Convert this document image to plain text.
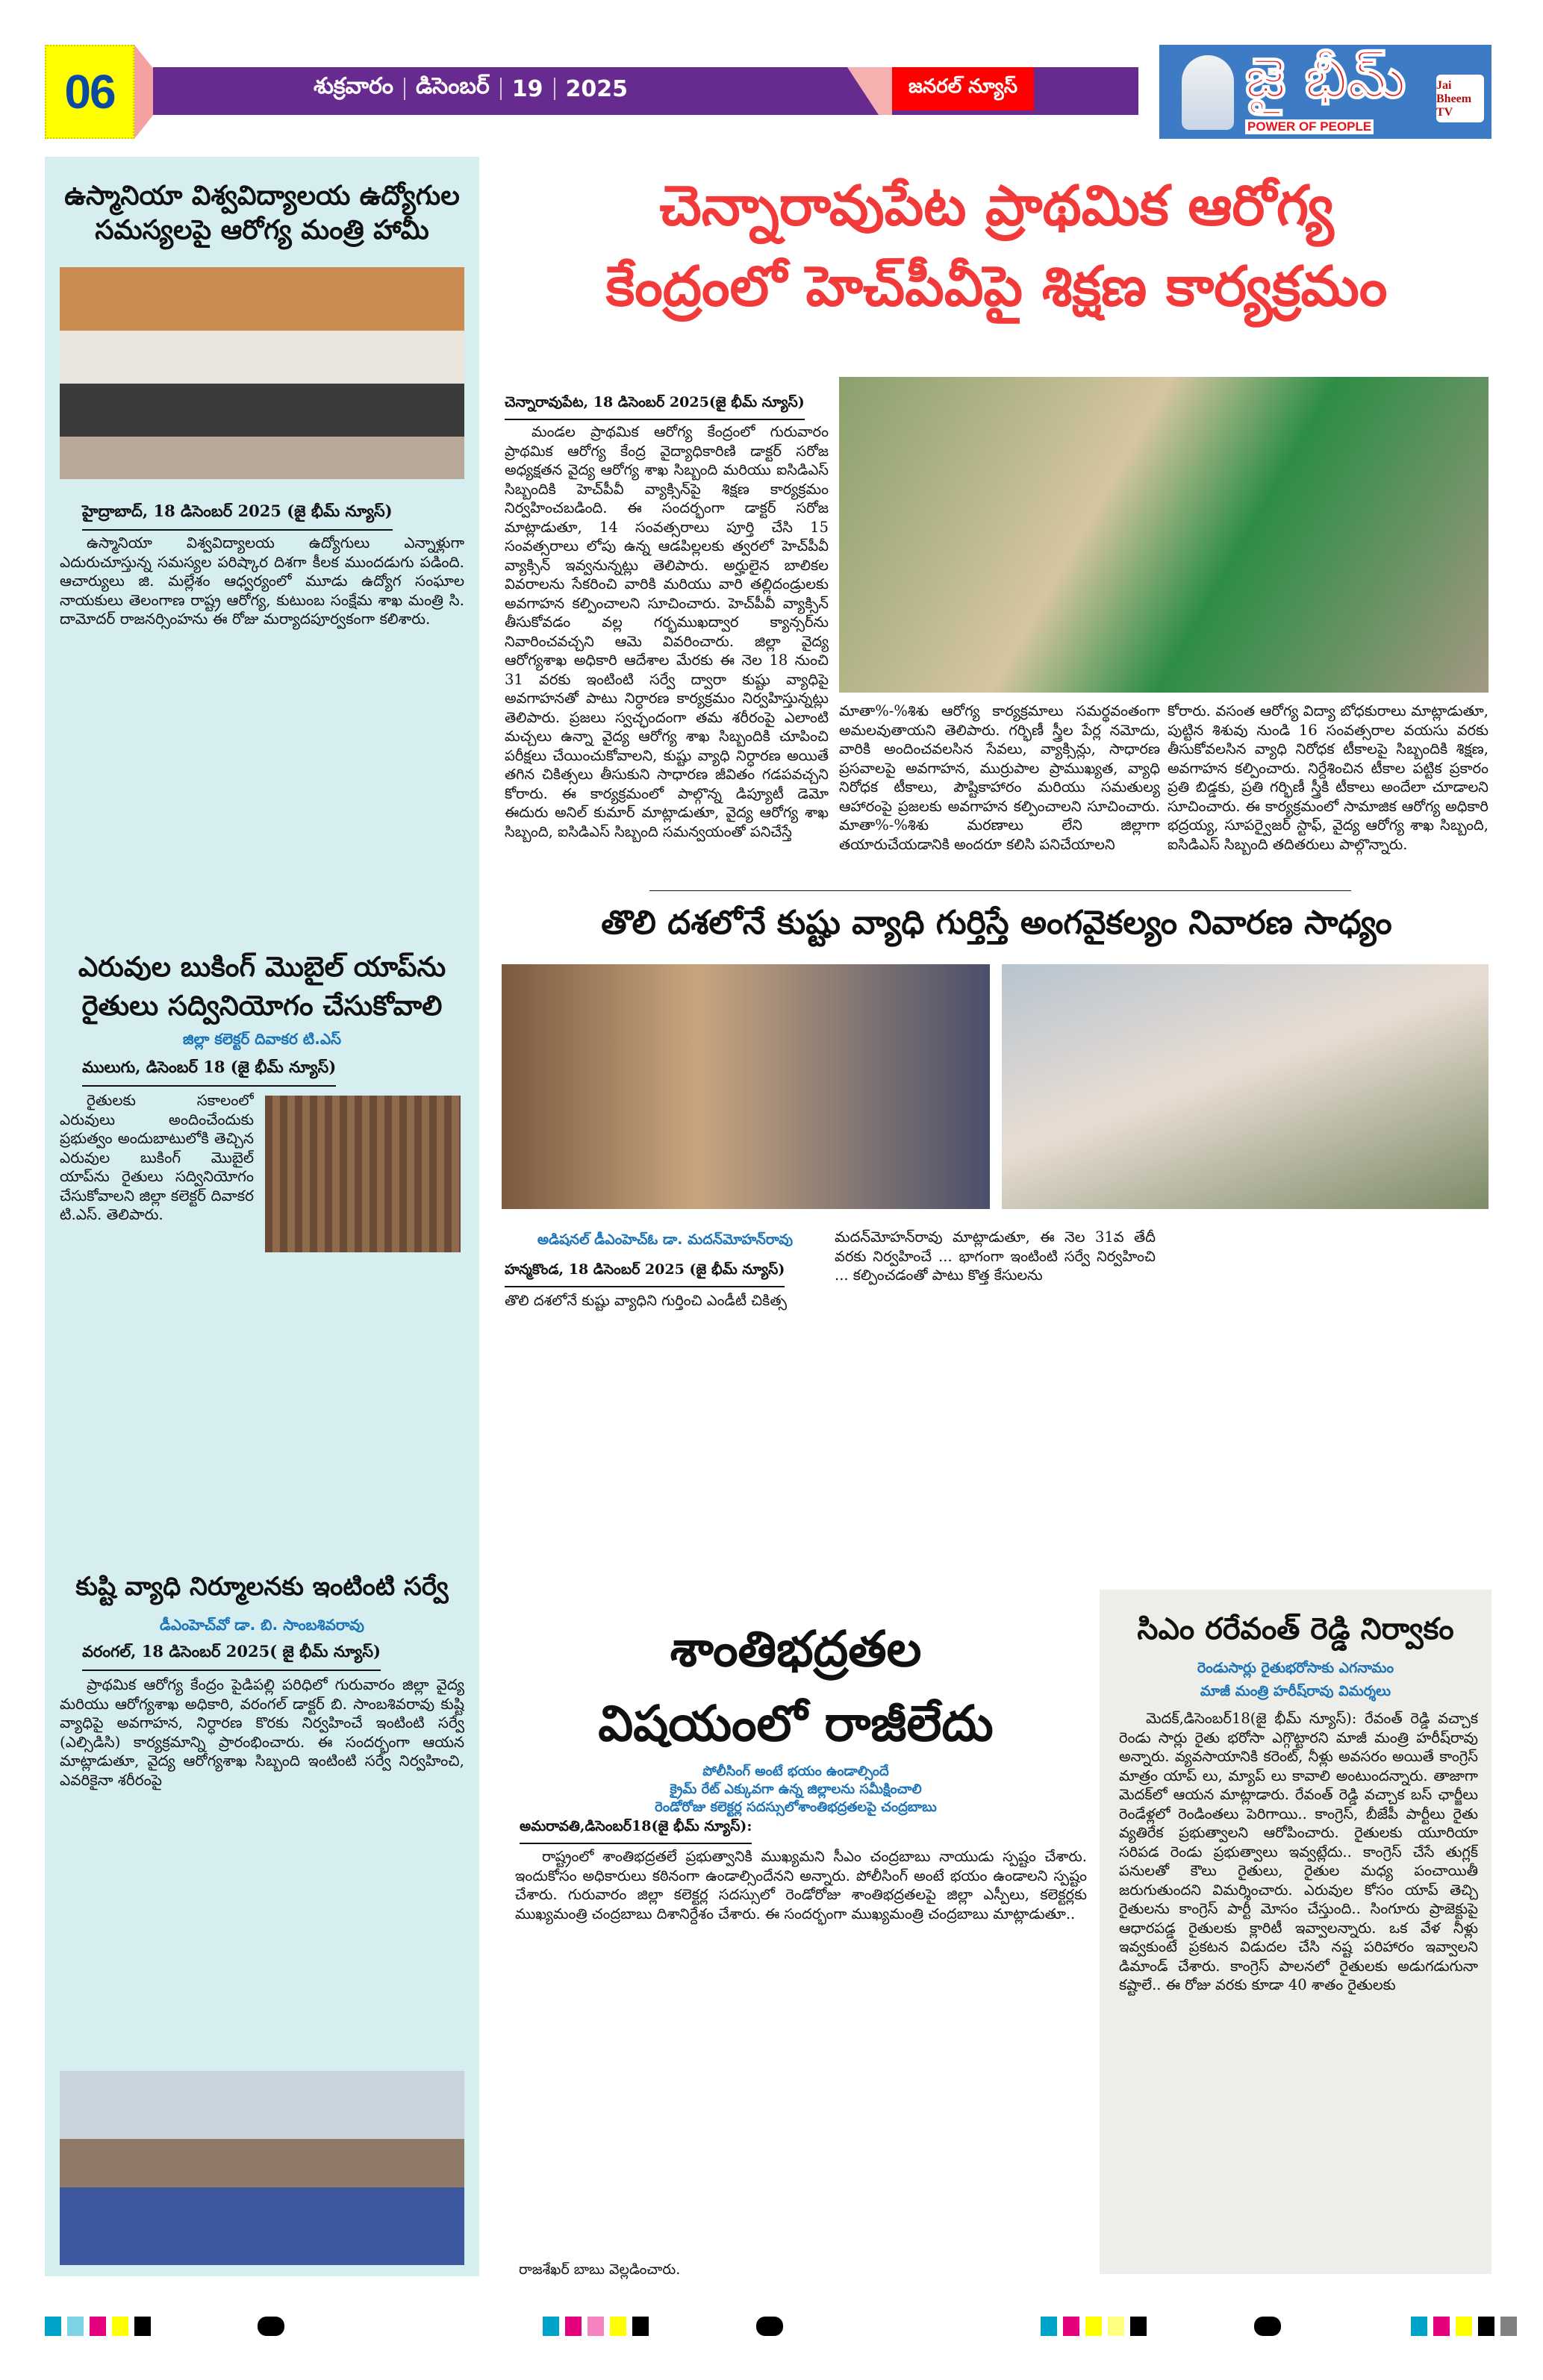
06	శుక్రవారం డిసెంబర్ 19 2025	జనరల్ న్యూస్	జై భీమ్
POWER OF PEOPLE
Jai Bheem TV
ఉస్మానియా విశ్వవిద్యాలయ ఉద్యోగుల సమస్యలపై ఆరోగ్య మంత్రి హామీ
హైద్రాబాద్, 18 డిసెంబర్ 2025 (జై భీమ్ న్యూస్)
ఉస్మానియా విశ్వవిద్యాలయ ఉద్యోగులు ఎన్నాళ్లుగా ఎదురుచూస్తున్న సమస్యల పరిష్కార దిశగా కీలక ముందడుగు పడింది. ఆచార్యులు జి. మల్లేశం ఆధ్వర్యంలో మూడు ఉద్యోగ సంఘాల నాయకులు తెలంగాణ రాష్ట్ర ఆరోగ్య, కుటుంబ సంక్షేమ శాఖ మంత్రి సి. దామోదర్ రాజనర్సింహను ఈ రోజు మర్యాదపూర్వకంగా కలిశారు.
ఎరువుల బుకింగ్ మొబైల్ యాప్‌ను రైతులు సద్వినియోగం చేసుకోవాలి
జిల్లా కలెక్టర్ దివాకర టి.ఎస్
ములుగు, డిసెంబర్ 18 (జై భీమ్ న్యూస్)
రైతులకు సకాలంలో ఎరువులు అందించేందుకు ప్రభుత్వం అందుబాటులోకి తెచ్చిన ఎరువుల బుకింగ్ మొబైల్ యాప్‌ను రైతులు సద్వినియోగం చేసుకోవాలని జిల్లా కలెక్టర్ దివాకర టి.ఎస్. తెలిపారు.
కుష్టి వ్యాధి నిర్మూలనకు ఇంటింటి సర్వే
డీఎంహెచ్‌వో డా. బి. సాంబశివరావు
వరంగల్, 18 డిసెంబర్ 2025( జై భీమ్ న్యూస్)
ప్రాథమిక ఆరోగ్య కేంద్రం పైడిపల్లి పరిధిలో గురువారం జిల్లా వైద్య మరియు ఆరోగ్యశాఖ అధికారి, వరంగల్ డాక్టర్ బి. సాంబశివరావు కుష్టి వ్యాధిపై అవగాహన, నిర్ధారణ కొరకు నిర్వహించే ఇంటింటి సర్వే (ఎల్సిడిసి) కార్యక్రమాన్ని ప్రారంభించారు. ఈ సందర్భంగా ఆయన మాట్లాడుతూ, వైద్య ఆరోగ్యశాఖ సిబ్బంది ఇంటింటి సర్వే నిర్వహించి, ఎవరికైనా శరీరంపై
చెన్నారావుపేట ప్రాథమిక ఆరోగ్య
కేంద్రంలో హెచ్‌పీవీపై శిక్షణ కార్యక్రమం
చెన్నారావుపేట, 18 డిసెంబర్ 2025(జై భీమ్ న్యూస్)
మండల ప్రాథమిక ఆరోగ్య కేంద్రంలో గురువారం ప్రాథమిక ఆరోగ్య కేంద్ర వైద్యాధికారిణి డాక్టర్ సరోజ అధ్యక్షతన వైద్య ఆరోగ్య శాఖ సిబ్బంది మరియు ఐసిడిఎస్ సిబ్బందికి హెచ్‌పీవీ వ్యాక్సిన్‌పై శిక్షణ కార్యక్రమం నిర్వహించబడింది. ఈ సందర్భంగా డాక్టర్ సరోజ మాట్లాడుతూ, 14 సంవత్సరాలు పూర్తి చేసి 15 సంవత్సరాలు లోపు ఉన్న ఆడపిల్లలకు త్వరలో హెచ్‌పీవీ వ్యాక్సిన్ ఇవ్వనున్నట్లు తెలిపారు. అర్హులైన బాలికల వివరాలను సేకరించి వారికి మరియు వారి తల్లిదండ్రులకు అవగాహన కల్పించాలని సూచించారు. హెచ్‌పీవీ వ్యాక్సిన్ తీసుకోవడం వల్ల గర్భముఖద్వార క్యాన్సర్‌ను నివారించవచ్చని ఆమె వివరించారు. జిల్లా వైద్య ఆరోగ్యశాఖ అధికారి ఆదేశాల మేరకు ఈ నెల 18 నుంచి 31 వరకు ఇంటింటి సర్వే ద్వారా కుష్టు వ్యాధిపై అవగాహనతో పాటు నిర్ధారణ కార్యక్రమం నిర్వహిస్తున్నట్లు తెలిపారు. ప్రజలు స్వచ్ఛందంగా తమ శరీరంపై ఎలాంటి మచ్చలు ఉన్నా వైద్య ఆరోగ్య శాఖ సిబ్బందికి చూపించి పరీక్షలు చేయించుకోవాలని, కుష్టు వ్యాధి నిర్ధారణ అయితే తగిన చికిత్సలు తీసుకుని సాధారణ జీవితం గడపవచ్చని కోరారు. ఈ కార్యక్రమంలో పాల్గొన్న డిప్యూటీ డెమో ఈదురు అనిల్ కుమార్ మాట్లాడుతూ, వైద్య ఆరోగ్య శాఖ సిబ్బంది, ఐసిడిఎస్ సిబ్బంది సమన్వయంతో పనిచేస్తే
మాతా%-%శిశు ఆరోగ్య కార్యక్రమాలు సమర్థవంతంగా అమలవుతాయని తెలిపారు. గర్భిణీ స్త్రీల పేర్ల నమోదు, వారికి అందించవలసిన సేవలు, వ్యాక్సిన్లు, సాధారణ ప్రసవాలపై అవగాహన, ముర్రుపాల ప్రాముఖ్యత, వ్యాధి నిరోధక టీకాలు, పౌష్టికాహారం మరియు సమతుల్య ఆహారంపై ప్రజలకు అవగాహన కల్పించాలని సూచించారు. మాతా%-%శిశు మరణాలు లేని జిల్లాగా తయారుచేయడానికి అందరూ కలిసి పనిచేయాలని
కోరారు. వసంత ఆరోగ్య విద్యా బోధకురాలు మాట్లాడుతూ, పుట్టిన శిశువు నుండి 16 సంవత్సరాల వయసు వరకు తీసుకోవలసిన వ్యాధి నిరోధక టీకాలపై సిబ్బందికి శిక్షణ, అవగాహన కల్పించారు. నిర్దేశించిన టీకాల పట్టిక ప్రకారం ప్రతి బిడ్డకు, ప్రతి గర్భిణీ స్త్రీకి టీకాలు అందేలా చూడాలని సూచించారు. ఈ కార్యక్రమంలో సామాజిక ఆరోగ్య అధికారి భద్రయ్య, సూపర్వైజర్ స్టాఫ్, వైద్య ఆరోగ్య శాఖ సిబ్బంది, ఐసిడిఎస్ సిబ్బంది తదితరులు పాల్గొన్నారు.
తొలి దశలోనే కుష్టు వ్యాధి గుర్తిస్తే అంగవైకల్యం నివారణ సాధ్యం
అడిషనల్ డీఎంహెచ్ఓ డా. మదన్‌మోహన్‌రావు
హన్మకొండ, 18 డిసెంబర్ 2025 (జై భీమ్ న్యూస్)
తొలి దశలోనే కుష్టు వ్యాధిని గుర్తించి ఎండీటీ చికిత్స
మదన్‌మోహన్‌రావు మాట్లాడుతూ, ఈ నెల 31వ తేదీ వరకు నిర్వహించే ... భాగంగా ఇంటింటి సర్వే నిర్వహించి ... కల్పించడంతో పాటు కొత్త కేసులను
శాంతిభద్రతల
విషయంలో రాజీలేదు
పోలీసింగ్ అంటే భయం ఉండాల్సిందే
క్రైమ్ రేట్ ఎక్కువగా ఉన్న జిల్లాలను సమీక్షించాలి
రెండోరోజు కలెక్టర్ల సదస్సులోశాంతిభద్రతలపై చంద్రబాబు
అమరావతి,డిసెంబర్18(జై భీమ్ న్యూస్):
రాష్ట్రంలో శాంతిభద్రతలే ప్రభుత్వానికి ముఖ్యమని సీఎం చంద్రబాబు నాయుడు స్పష్టం చేశారు. ఇందుకోసం అధికారులు కఠినంగా ఉండాల్సిందేనని అన్నారు. పోలీసింగ్ అంటే భయం ఉండాలని స్పష్టం చేశారు. గురువారం జిల్లా కలెక్టర్ల సదస్సులో రెండోరోజు శాంతిభద్రతలపై జిల్లా ఎస్పీలు, కలెక్టర్లకు ముఖ్యమంత్రి చంద్రబాబు దిశానిర్దేశం చేశారు. ఈ సందర్భంగా ముఖ్యమంత్రి చంద్రబాబు మాట్లాడుతూ..
రాజశేఖర్ బాబు వెల్లడించారు.
సిఎం రరేవంత్ రెడ్డి నిర్వాకం
రెండుసార్లు రైతుభరోసాకు ఎగనామం
మాజీ మంత్రి హరీష్‌రావు విమర్శలు
మెదక్,డిసెంబర్18(జై భీమ్ న్యూస్): రేవంత్ రెడ్డి వచ్చాక రెండు సార్లు రైతు భరోసా ఎగ్గొట్టారని మాజీ మంత్రి హరీష్‌రావు అన్నారు. వ్యవసాయానికి కరెంట్, నీళ్లు అవసరం అయితే కాంగ్రెస్ మాత్రం యాప్ లు, మ్యాప్ లు కావాలి అంటుందన్నారు. తాజాగా మెదక్‌లో ఆయన మాట్లాడారు. రేవంత్ రెడ్డి వచ్చాక బస్ ఛార్జీలు రెండేళ్లలో రెండింతలు పెరిగాయి.. కాంగ్రెస్, బీజేపీ పార్టీలు రైతు వ్యతిరేక ప్రభుత్వాలని ఆరోపించారు. రైతులకు యూరియా సరిపడ రెండు ప్రభుత్వాలు ఇవ్వట్లేదు.. కాంగ్రెస్ చేసే తుగ్లక్ పనులతో కౌలు రైతులు, రైతుల మధ్య పంచాయితీ జరుగుతుందని విమర్శించారు. ఎరువుల కోసం యాప్ తెచ్చి రైతులను కాంగ్రెస్ పార్టీ మోసం చేస్తుంది.. సింగూరు ప్రాజెక్టుపై ఆధారపడ్డ రైతులకు క్లారిటీ ఇవ్వాలన్నారు. ఒక వేళ నీళ్లు ఇవ్వకుంటే ప్రకటన విడుదల చేసి నష్ట పరిహారం ఇవ్వాలని డిమాండ్ చేశారు. కాంగ్రెస్ పాలనలో రైతులకు అడుగడుగునా కష్టాలే.. ఈ రోజు వరకు కూడా 40 శాతం రైతులకు
